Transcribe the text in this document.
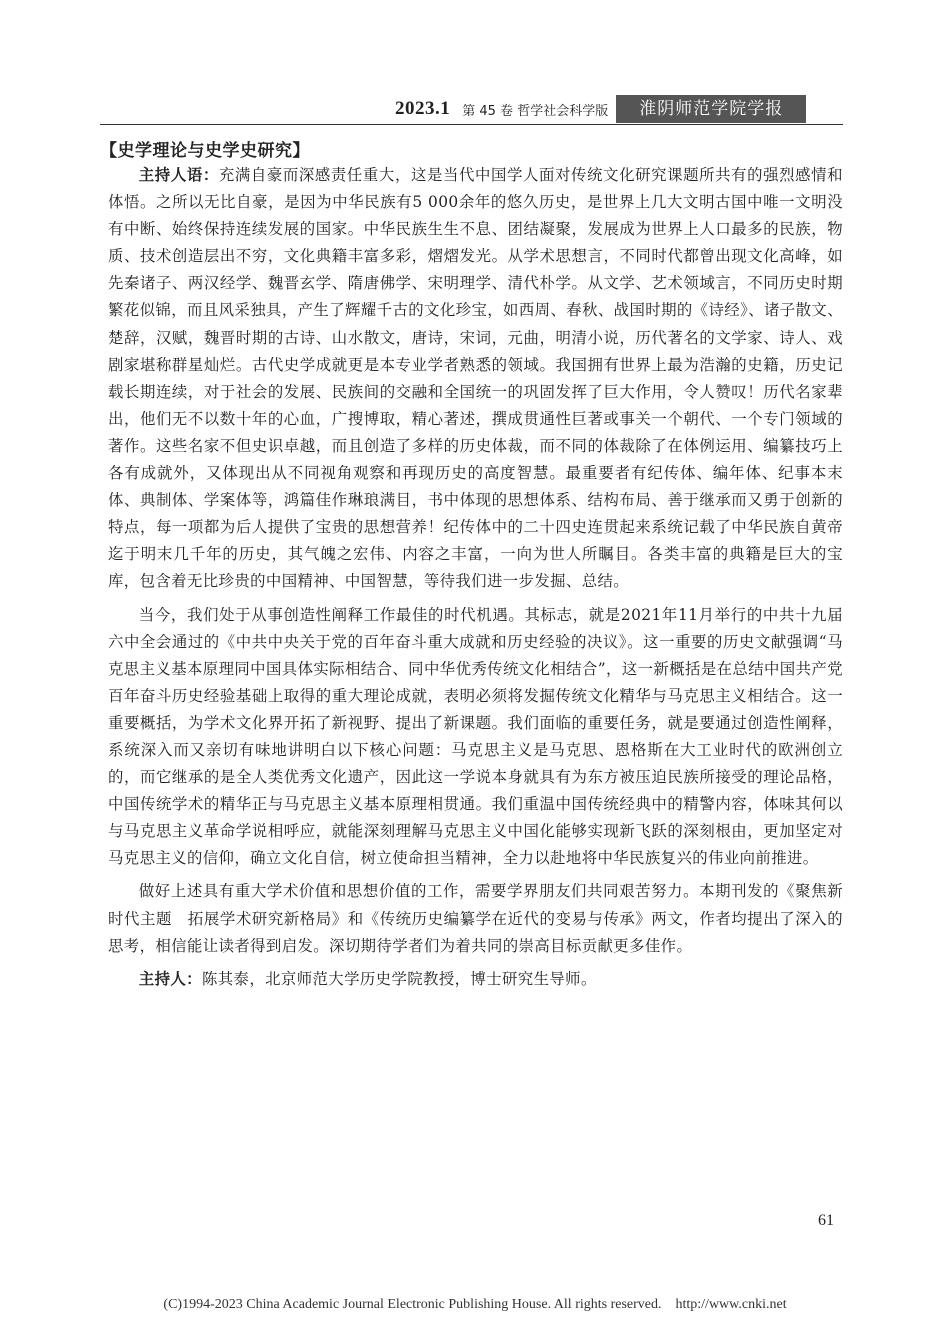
2023.1 第 45 卷 哲学社会科学版	淮阴师范学院学报
【史学理论与史学史研究】

主持人语：充满自豪而深感责任重大，这是当代中国学人面对传统文化研究课题所共有的强烈感情和体悟。之所以无比自豪，是因为中华民族有5 000余年的悠久历史，是世界上几大文明古国中唯一文明没有中断、始终保持连续发展的国家。中华民族生生不息、团结凝聚，发展成为世界上人口最多的民族，物质、技术创造层出不穷，文化典籍丰富多彩，熠熠发光。从学术思想言，不同时代都曾出现文化高峰，如先秦诸子、两汉经学、魏晋玄学、隋唐佛学、宋明理学、清代朴学。从文学、艺术领域言，不同历史时期繁花似锦，而且风采独具，产生了辉耀千古的文化珍宝，如西周、春秋、战国时期的《诗经》、诸子散文、楚辞，汉赋，魏晋时期的古诗、山水散文，唐诗，宋词，元曲，明清小说，历代著名的文学家、诗人、戏剧家堪称群星灿烂。古代史学成就更是本专业学者熟悉的领域。我国拥有世界上最为浩瀚的史籍，历史记载长期连续，对于社会的发展、民族间的交融和全国统一的巩固发挥了巨大作用，令人赞叹！历代名家辈出，他们无不以数十年的心血，广搜博取，精心著述，撰成贯通性巨著或事关一个朝代、一个专门领域的著作。这些名家不但史识卓越，而且创造了多样的历史体裁，而不同的体裁除了在体例运用、编纂技巧上各有成就外，又体现出从不同视角观察和再现历史的高度智慧。最重要者有纪传体、编年体、纪事本末体、典制体、学案体等，鸿篇佳作琳琅满目，书中体现的思想体系、结构布局、善于继承而又勇于创新的特点，每一项都为后人提供了宝贵的思想营养！纪传体中的二十四史连贯起来系统记载了中华民族自黄帝迄于明末几千年的历史，其气魄之宏伟、内容之丰富，一向为世人所瞩目。各类丰富的典籍是巨大的宝库，包含着无比珍贵的中国精神、中国智慧，等待我们进一步发掘、总结。

当今，我们处于从事创造性阐释工作最佳的时代机遇。其标志，就是2021年11月举行的中共十九届六中全会通过的《中共中央关于党的百年奋斗重大成就和历史经验的决议》。这一重要的历史文献强调“马克思主义基本原理同中国具体实际相结合、同中华优秀传统文化相结合”，这一新概括是在总结中国共产党百年奋斗历史经验基础上取得的重大理论成就，表明必须将发掘传统文化精华与马克思主义相结合。这一重要概括，为学术文化界开拓了新视野、提出了新课题。我们面临的重要任务，就是要通过创造性阐释，系统深入而又亲切有味地讲明白以下核心问题：马克思主义是马克思、恩格斯在大工业时代的欧洲创立的，而它继承的是全人类优秀文化遗产，因此这一学说本身就具有为东方被压迫民族所接受的理论品格，中国传统学术的精华正与马克思主义基本原理相贯通。我们重温中国传统经典中的精警内容，体味其何以与马克思主义革命学说相呼应，就能深刻理解马克思主义中国化能够实现新飞跃的深刻根由，更加坚定对马克思主义的信仰，确立文化自信，树立使命担当精神，全力以赴地将中华民族复兴的伟业向前推进。

做好上述具有重大学术价值和思想价值的工作，需要学界朋友们共同艰苦努力。本期刊发的《聚焦新时代主题　拓展学术研究新格局》和《传统历史编纂学在近代的变易与传承》两文，作者均提出了深入的思考，相信能让读者得到启发。深切期待学者们为着共同的崇高目标贡献更多佳作。

主持人：陈其泰，北京师范大学历史学院教授，博士研究生导师。

61
(C)1994-2023 China Academic Journal Electronic Publishing House. All rights reserved. http://www.cnki.net
